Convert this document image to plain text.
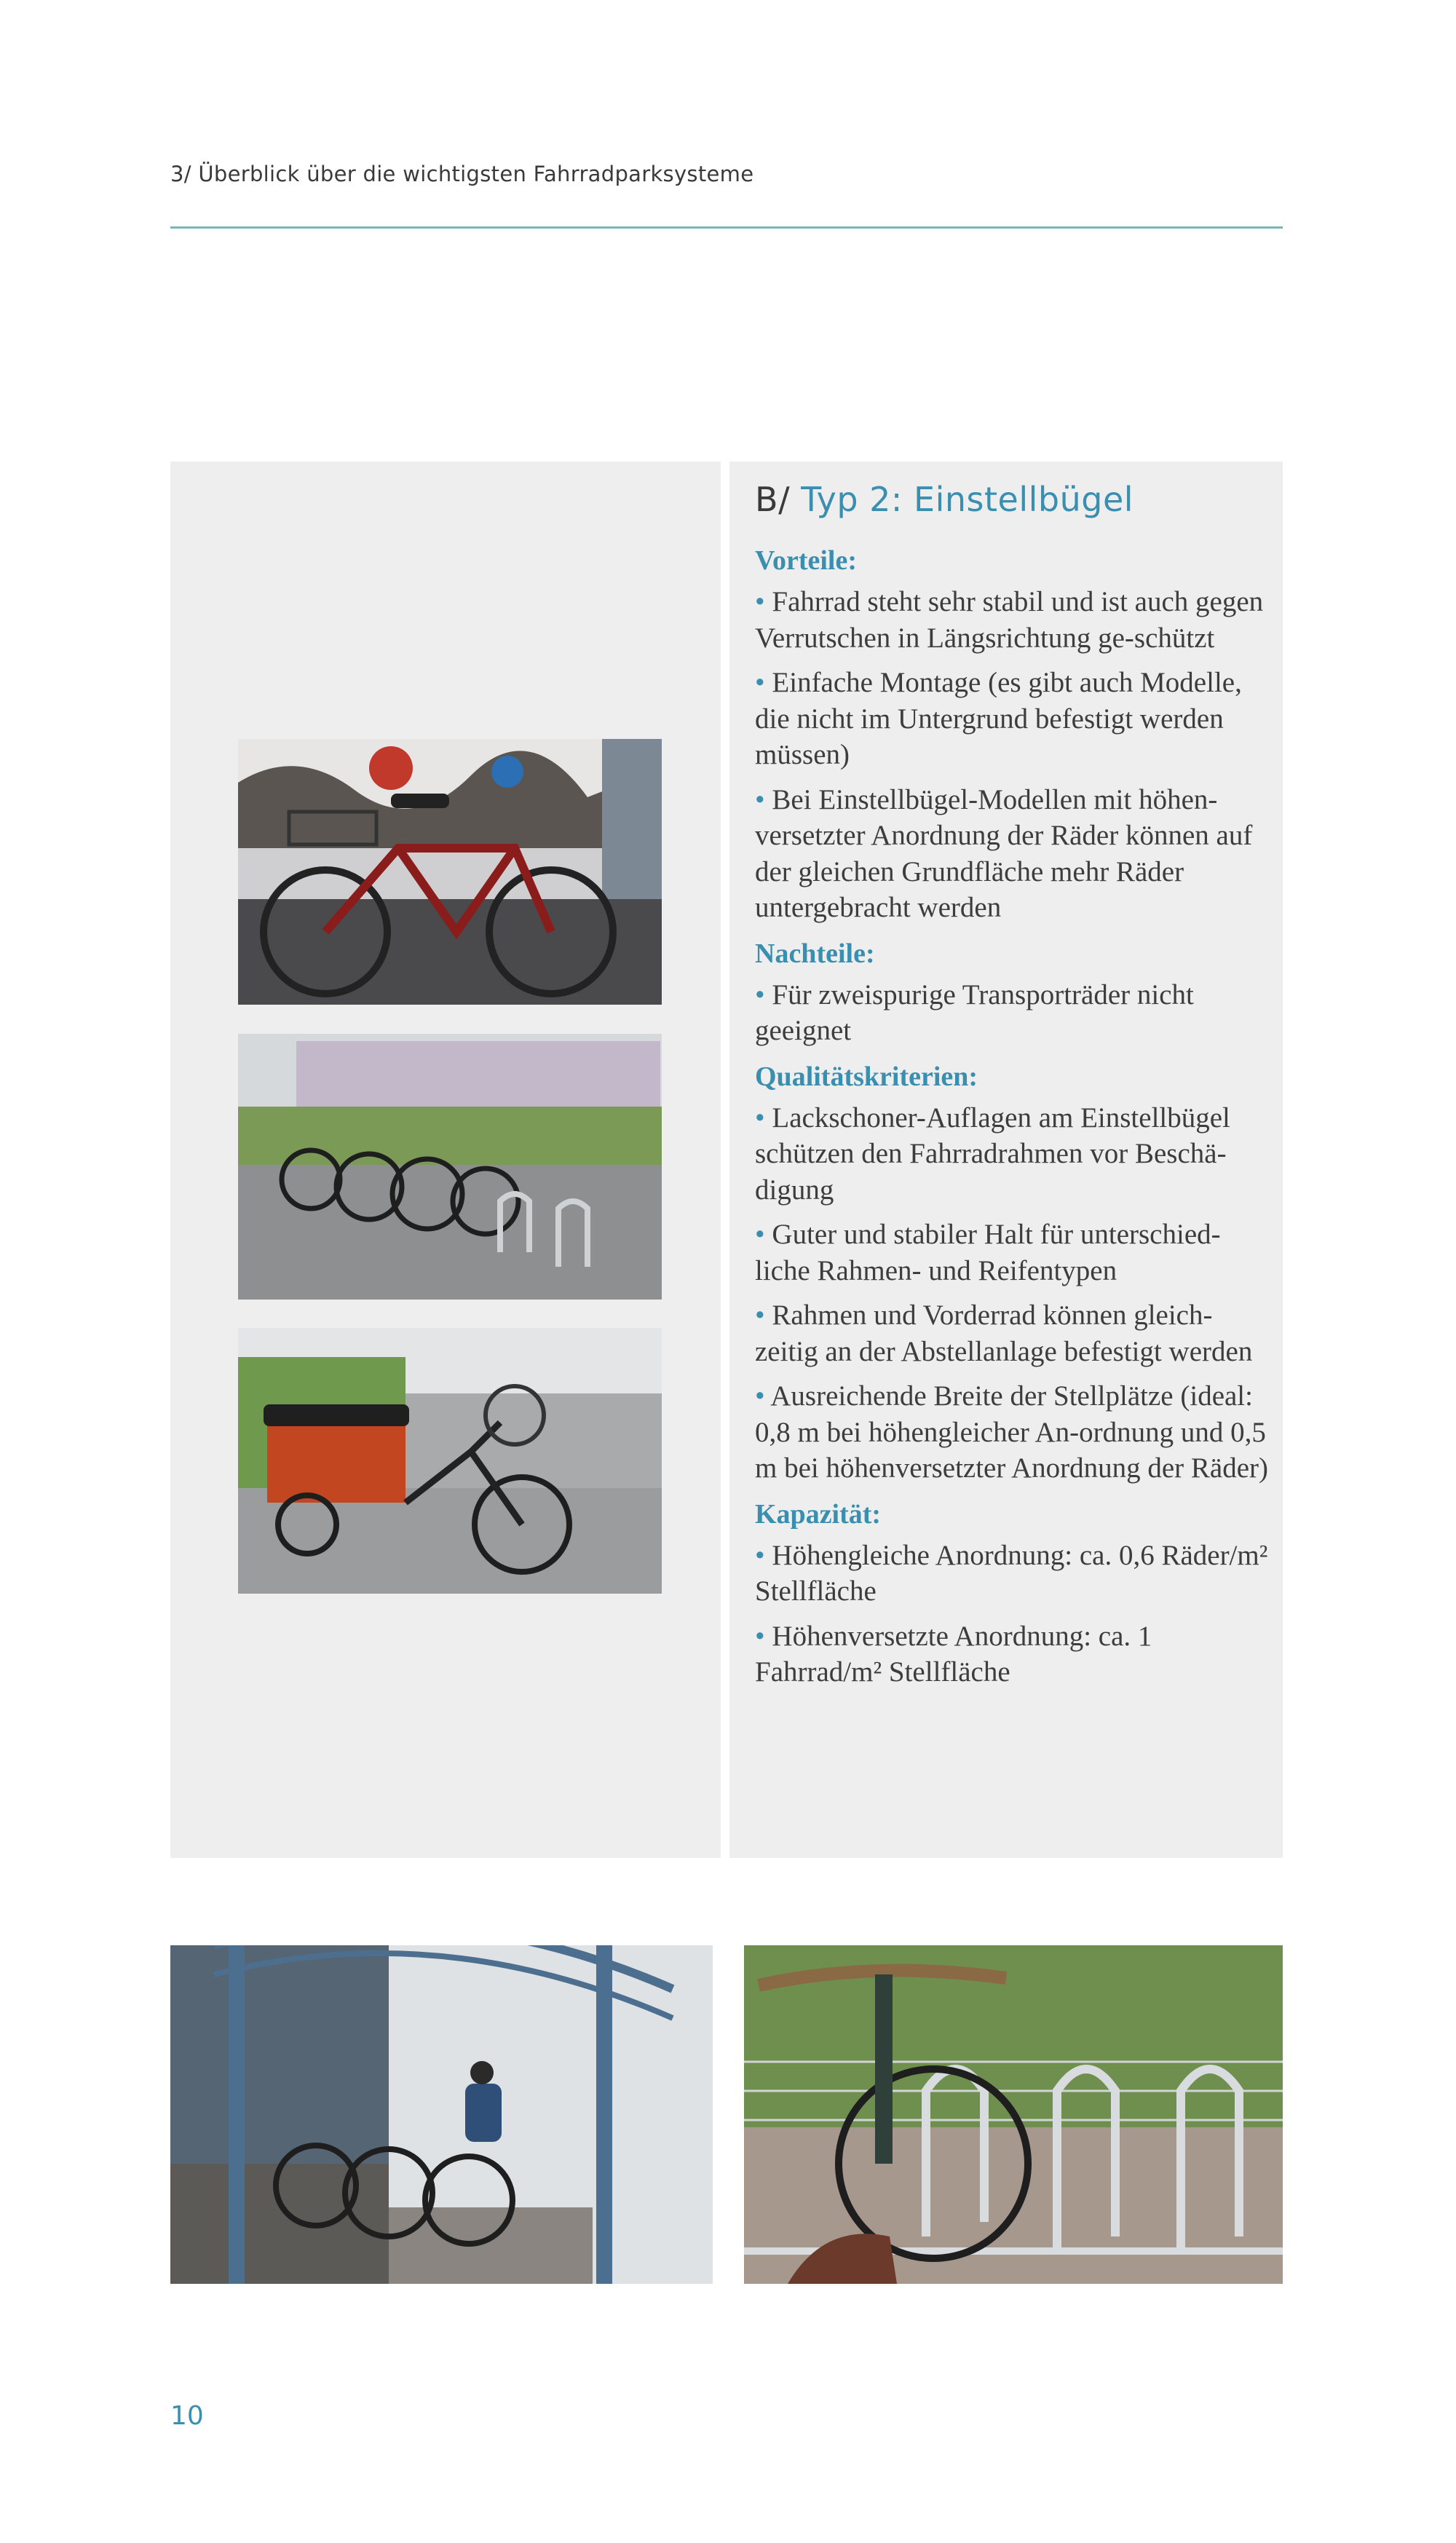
3/ Überblick über die wichtigsten Fahrradparksysteme
B/ Typ 2: Einstellbügel
Vorteile:
• Fahrrad steht sehr stabil und ist auch gegen Verrutschen in Längsrichtung ge-schützt
• Einfache Montage (es gibt auch Modelle, die nicht im Untergrund befestigt werden müssen)
• Bei Einstellbügel-Modellen mit höhen-versetzter Anordnung der Räder können auf der gleichen Grundfläche mehr Räder untergebracht werden
Nachteile:
• Für zweispurige Transporträder nicht geeignet
Qualitätskriterien:
• Lackschoner-Auflagen am Einstellbügel schützen den Fahrradrahmen vor Beschä-digung
• Guter und stabiler Halt für unterschied-liche Rahmen- und Reifentypen
• Rahmen und Vorderrad können gleich-zeitig an der Abstellanlage befestigt werden
• Ausreichende Breite der Stellplätze (ideal: 0,8 m bei höhengleicher An-ordnung und 0,5 m bei höhenversetzter Anordnung der Räder)
Kapazität:
• Höhengleiche Anordnung: ca. 0,6 Räder/m² Stellfläche
• Höhenversetzte Anordnung: ca. 1 Fahrrad/m² Stellfläche
10
